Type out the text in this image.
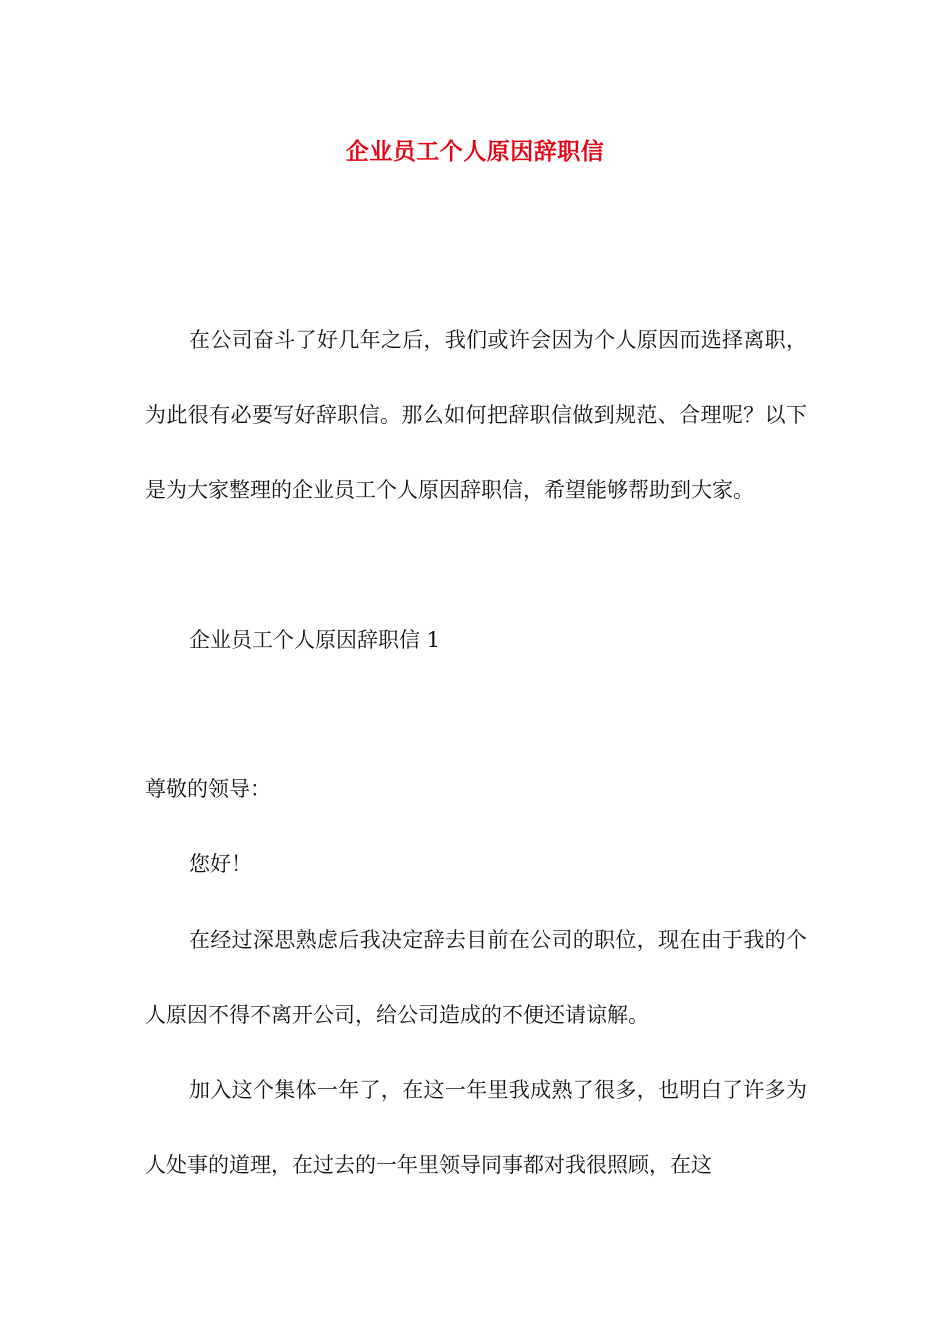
企业员工个人原因辞职信

在公司奋斗了好几年之后，我们或许会因为个人原因而选择离职，为此很有必要写好辞职信。那么如何把辞职信做到规范、合理呢？以下是为大家整理的企业员工个人原因辞职信，希望能够帮助到大家。

企业员工个人原因辞职信 1

尊敬的领导：

您好！

在经过深思熟虑后我决定辞去目前在公司的职位，现在由于我的个人原因不得不离开公司，给公司造成的不便还请谅解。

加入这个集体一年了，在这一年里我成熟了很多，也明白了许多为人处事的道理，在过去的一年里领导同事都对我很照顾，在这
